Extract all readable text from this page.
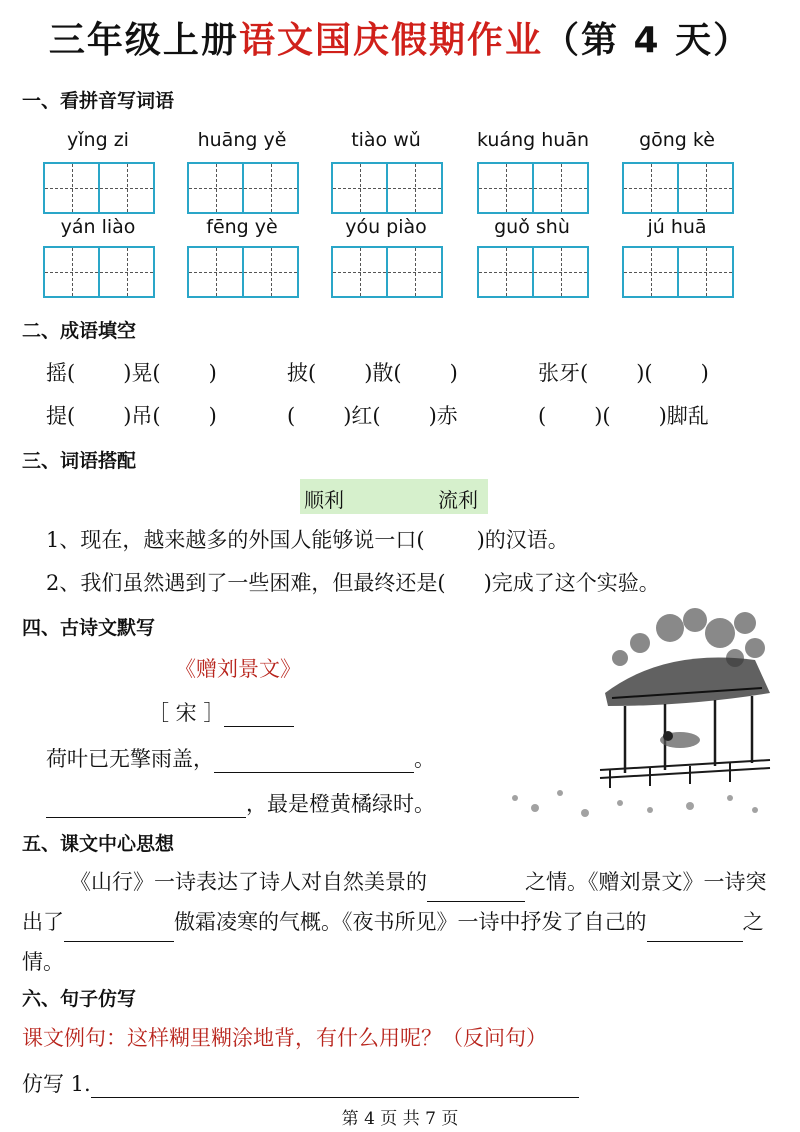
三年级上册语文国庆假期作业（第 4 天）
一、看拼音写词语
yǐng zi	huāng yě	tiào wǔ	kuáng huān	gōng kè
yán liào	fēng yè	yóu piào	guǒ shù	jú huā
二、成语填空
摇( )晃( )	披( )散( )	张牙( )( )
提( )吊( )	( )红( )赤	( )( )脚乱
三、词语搭配
顺利	流利
1、现在，越来越多的外国人能够说一口( )的汉语。
2、我们虽然遇到了一些困难，但最终还是( )完成了这个实验。
四、古诗文默写
《赠刘景文》
［ 宋 ］
荷叶已无擎雨盖，	。
，最是橙黄橘绿时。
五、课文中心思想
《山行》一诗表达了诗人对自然美景的	之情。《赠刘景文》一诗突出了	傲霜凌寒的气概。《夜书所见》一诗中抒发了自己的	之情。
六、句子仿写
课文例句：这样糊里糊涂地背，有什么用呢？（反问句）
仿写 1.
第 4 页 共 7 页
